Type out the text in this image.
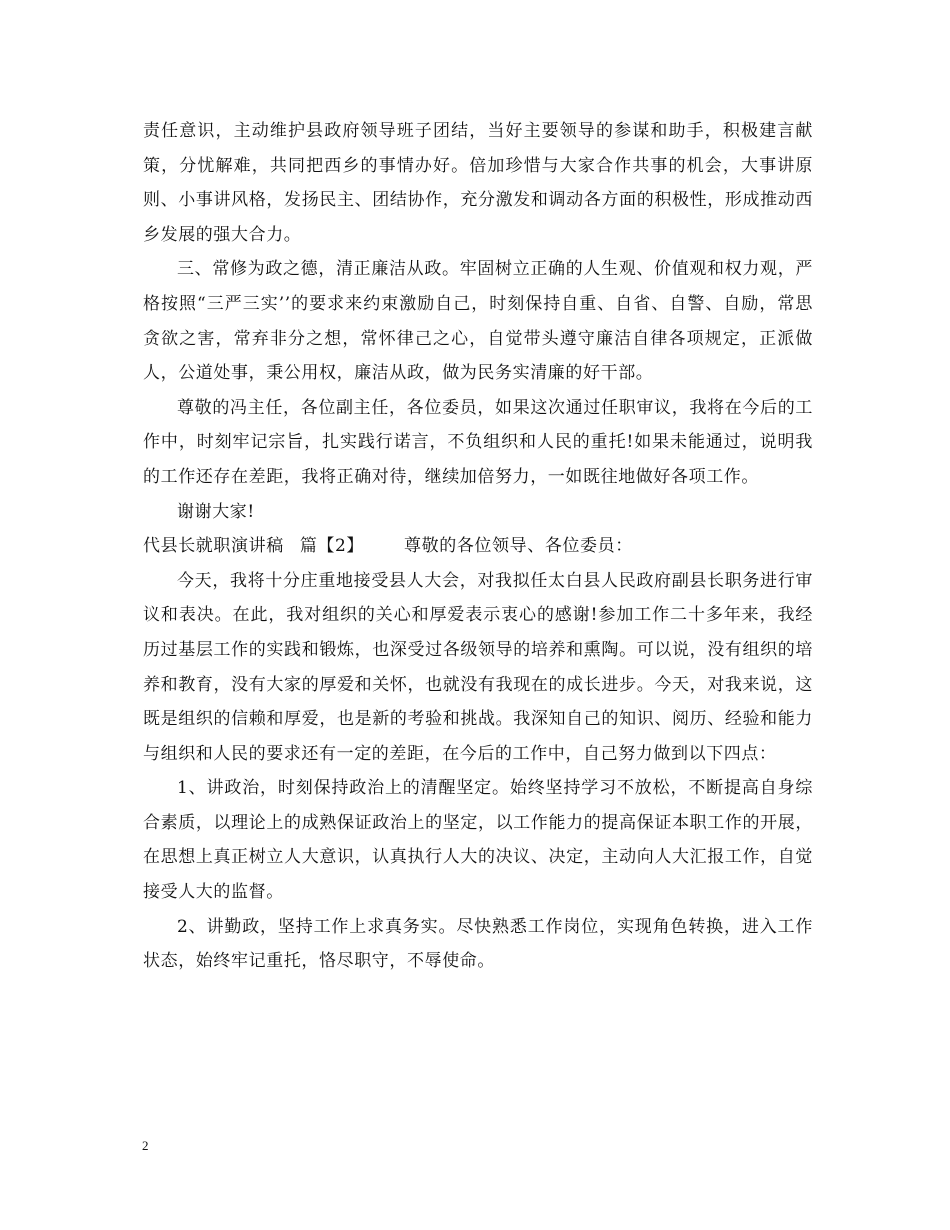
责任意识，主动维护县政府领导班子团结，当好主要领导的参谋和助手，积极建言献策，分忧解难，共同把西乡的事情办好。倍加珍惜与大家合作共事的机会，大事讲原则、小事讲风格，发扬民主、团结协作，充分激发和调动各方面的积极性，形成推动西乡发展的强大合力。

三、常修为政之德，清正廉洁从政。牢固树立正确的人生观、价值观和权力观，严格按照“三严三实’’的要求来约束激励自己，时刻保持自重、自省、自警、自励，常思贪欲之害，常弃非分之想，常怀律己之心，自觉带头遵守廉洁自律各项规定，正派做人，公道处事，秉公用权，廉洁从政，做为民务实清廉的好干部。

尊敬的冯主任，各位副主任，各位委员，如果这次通过任职审议，我将在今后的工作中，时刻牢记宗旨，扎实践行诺言，不负组织和人民的重托!如果未能通过，说明我的工作还存在差距，我将正确对待，继续加倍努力，一如既往地做好各项工作。

谢谢大家!

代县长就职演讲稿 篇【2】 尊敬的各位领导、各位委员：

今天，我将十分庄重地接受县人大会，对我拟任太白县人民政府副县长职务进行审议和表决。在此，我对组织的关心和厚爱表示衷心的感谢!参加工作二十多年来，我经历过基层工作的实践和锻炼，也深受过各级领导的培养和熏陶。可以说，没有组织的培养和教育，没有大家的厚爱和关怀，也就没有我现在的成长进步。今天，对我来说，这既是组织的信赖和厚爱，也是新的考验和挑战。我深知自己的知识、阅历、经验和能力与组织和人民的要求还有一定的差距，在今后的工作中，自己努力做到以下四点：

1、讲政治，时刻保持政治上的清醒坚定。始终坚持学习不放松，不断提高自身综合素质，以理论上的成熟保证政治上的坚定，以工作能力的提高保证本职工作的开展，在思想上真正树立人大意识，认真执行人大的决议、决定，主动向人大汇报工作，自觉接受人大的监督。

2、讲勤政，坚持工作上求真务实。尽快熟悉工作岗位，实现角色转换，进入工作状态，始终牢记重托，恪尽职守，不辱使命。

2
